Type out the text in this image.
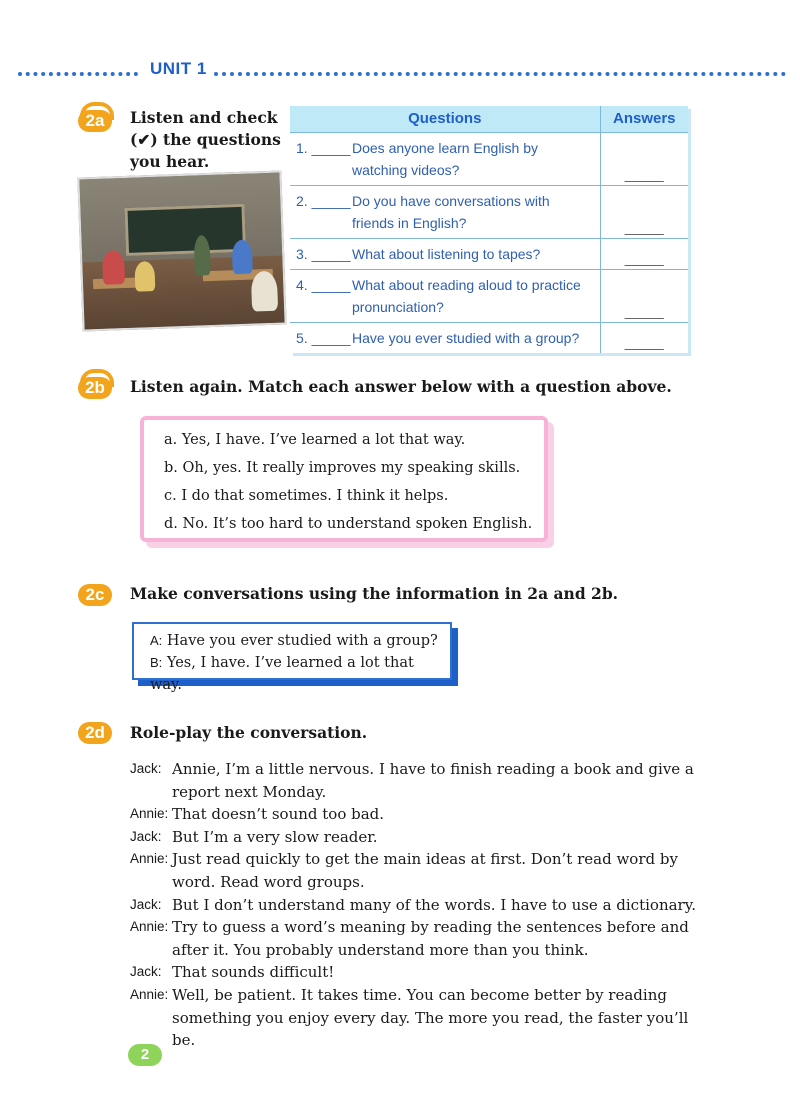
UNIT 1
2a	Listen and check
(✔) the questions
you hear.
Questions	Answers

1. _____ Does anyone learn English by watching videos?	_____

2. _____ Do you have conversations with friends in English?	_____

3. _____ What about listening to tapes?	_____

4. _____ What about reading aloud to practice pronunciation?	_____

5. _____ Have you ever studied with a group?	_____
2b	Listen again. Match each answer below with a question above.
a. Yes, I have. I’ve learned a lot that way.
b. Oh, yes. It really improves my speaking skills.
c. I do that sometimes. I think it helps.
d. No. It’s too hard to understand spoken English.
2c	Make conversations using the information in 2a and 2b.
A: Have you ever studied with a group?
B: Yes, I have. I’ve learned a lot that way.
2d	Role-play the conversation.
Jack: Annie, I’m a little nervous. I have to finish reading a book and give a report next Monday.
Annie: That doesn’t sound too bad.
Jack: But I’m a very slow reader.
Annie: Just read quickly to get the main ideas at first. Don’t read word by word. Read word groups.
Jack: But I don’t understand many of the words. I have to use a dictionary.
Annie: Try to guess a word’s meaning by reading the sentences before and after it. You probably understand more than you think.
Jack: That sounds difficult!
Annie: Well, be patient. It takes time. You can become better by reading something you enjoy every day. The more you read, the faster you’ll be.
2
